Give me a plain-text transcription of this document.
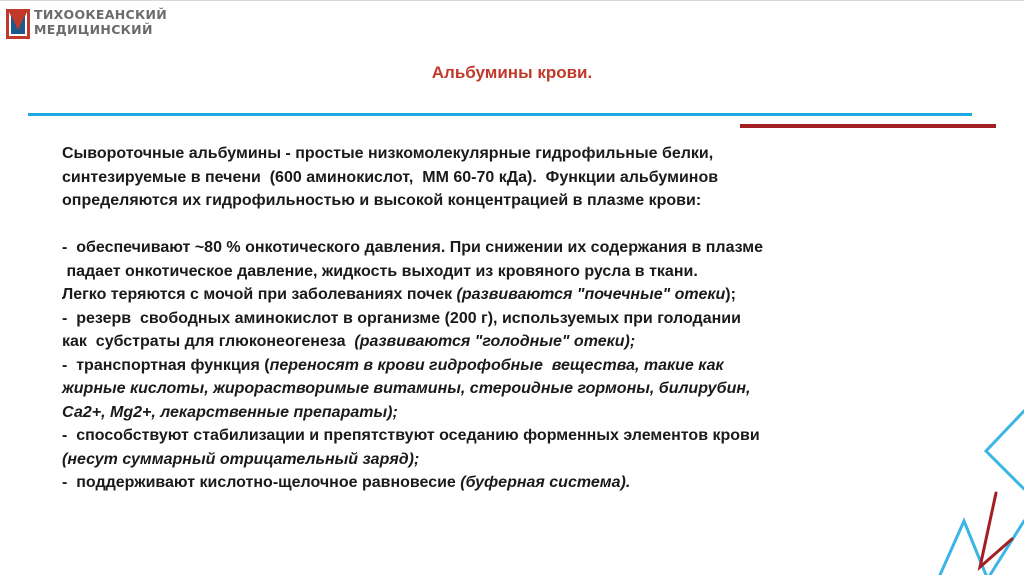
ТИХООКЕАНСКИЙ
МЕДИЦИНСКИЙ
Альбумины крови.

Сывороточные альбумины - простые низкомолекулярные гидрофильные белки,

синтезируемые в печени  (600 аминокислот,  ММ 60-70 кДа).  Функции альбуминов

определяются их гидрофильностью и высокой концентрацией в плазме крови:

-  обеспечивают ~80 % онкотического давления. При снижении их содержания в плазме

падает онкотическое давление, жидкость выходит из кровяного русла в ткани.

Легко теряются с мочой при заболеваниях почек (развиваются "почечные" отеки);

-  резерв  свободных аминокислот в организме (200 г), используемых при голодании

как  субстраты для глюконеогенеза  (развиваются "голодные" отеки);

-  транспортная функция (переносят в крови гидрофобные  вещества, такие как

жирные кислоты, жирорастворимые витамины, стероидные гормоны, билирубин,

Са2+, Mg2+, лекарственные препараты);

-  способствуют стабилизации и препятствуют оседанию форменных элементов крови

(несут суммарный отрицательный заряд);

-  поддерживают кислотно-щелочное равновесие (буферная система).
